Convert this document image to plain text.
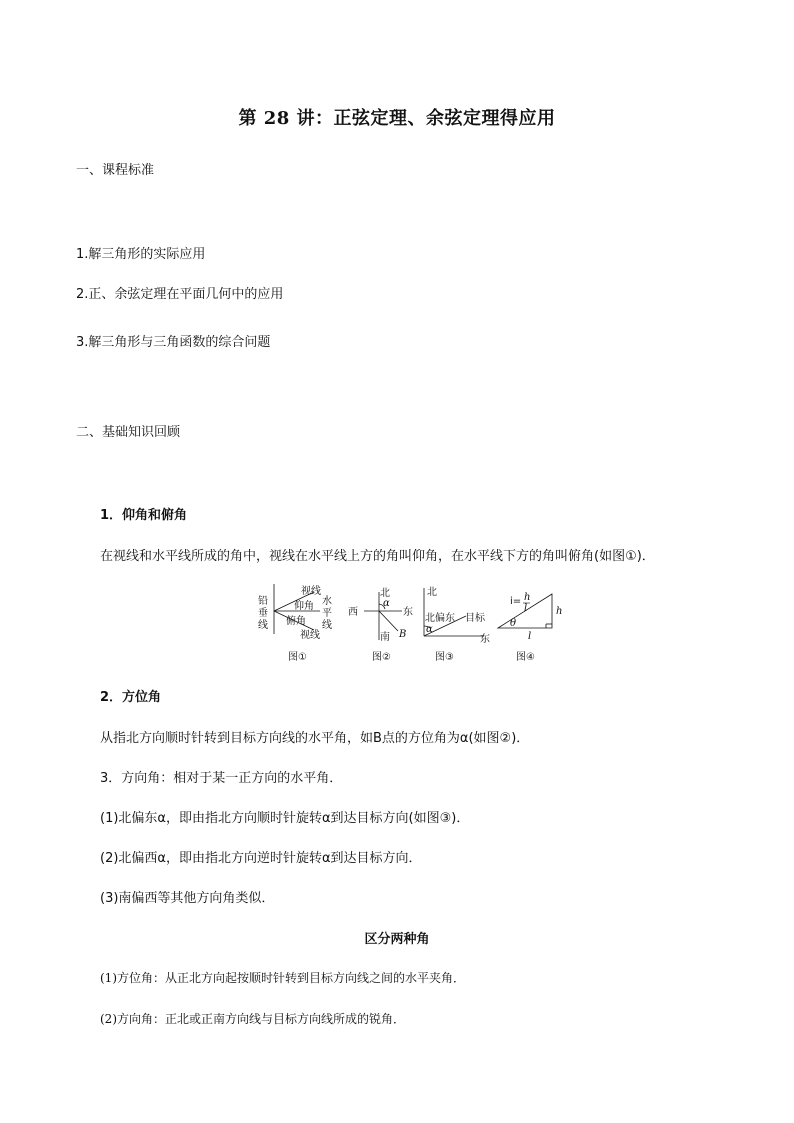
第 28 讲：正弦定理、余弦定理得应用
一、课程标准
1.解三角形的实际应用
2.正、余弦定理在平面几何中的应用
3.解三角形与三角函数的综合问题
二、基础知识回顾
1．仰角和俯角
在视线和水平线所成的角中，视线在水平线上方的角叫仰角，在水平线下方的角叫俯角(如图①)．
铅
垂
线
视线
仰角
俯角
视线
水
平
线
图①
北
西	东
α
B
南
图②
北
北偏东
α
目标
东
图③
i= h
l	h
l
θ
图④
2．方位角
从指北方向顺时针转到目标方向线的水平角，如B点的方位角为α(如图②)．
3．方向角：相对于某一正方向的水平角．
(1)北偏东α，即由指北方向顺时针旋转α到达目标方向(如图③)．
(2)北偏西α，即由指北方向逆时针旋转α到达目标方向．
(3)南偏西等其他方向角类似．
区分两种角
(1)方位角：从正北方向起按顺时针转到目标方向线之间的水平夹角．
(2)方向角：正北或正南方向线与目标方向线所成的锐角．
